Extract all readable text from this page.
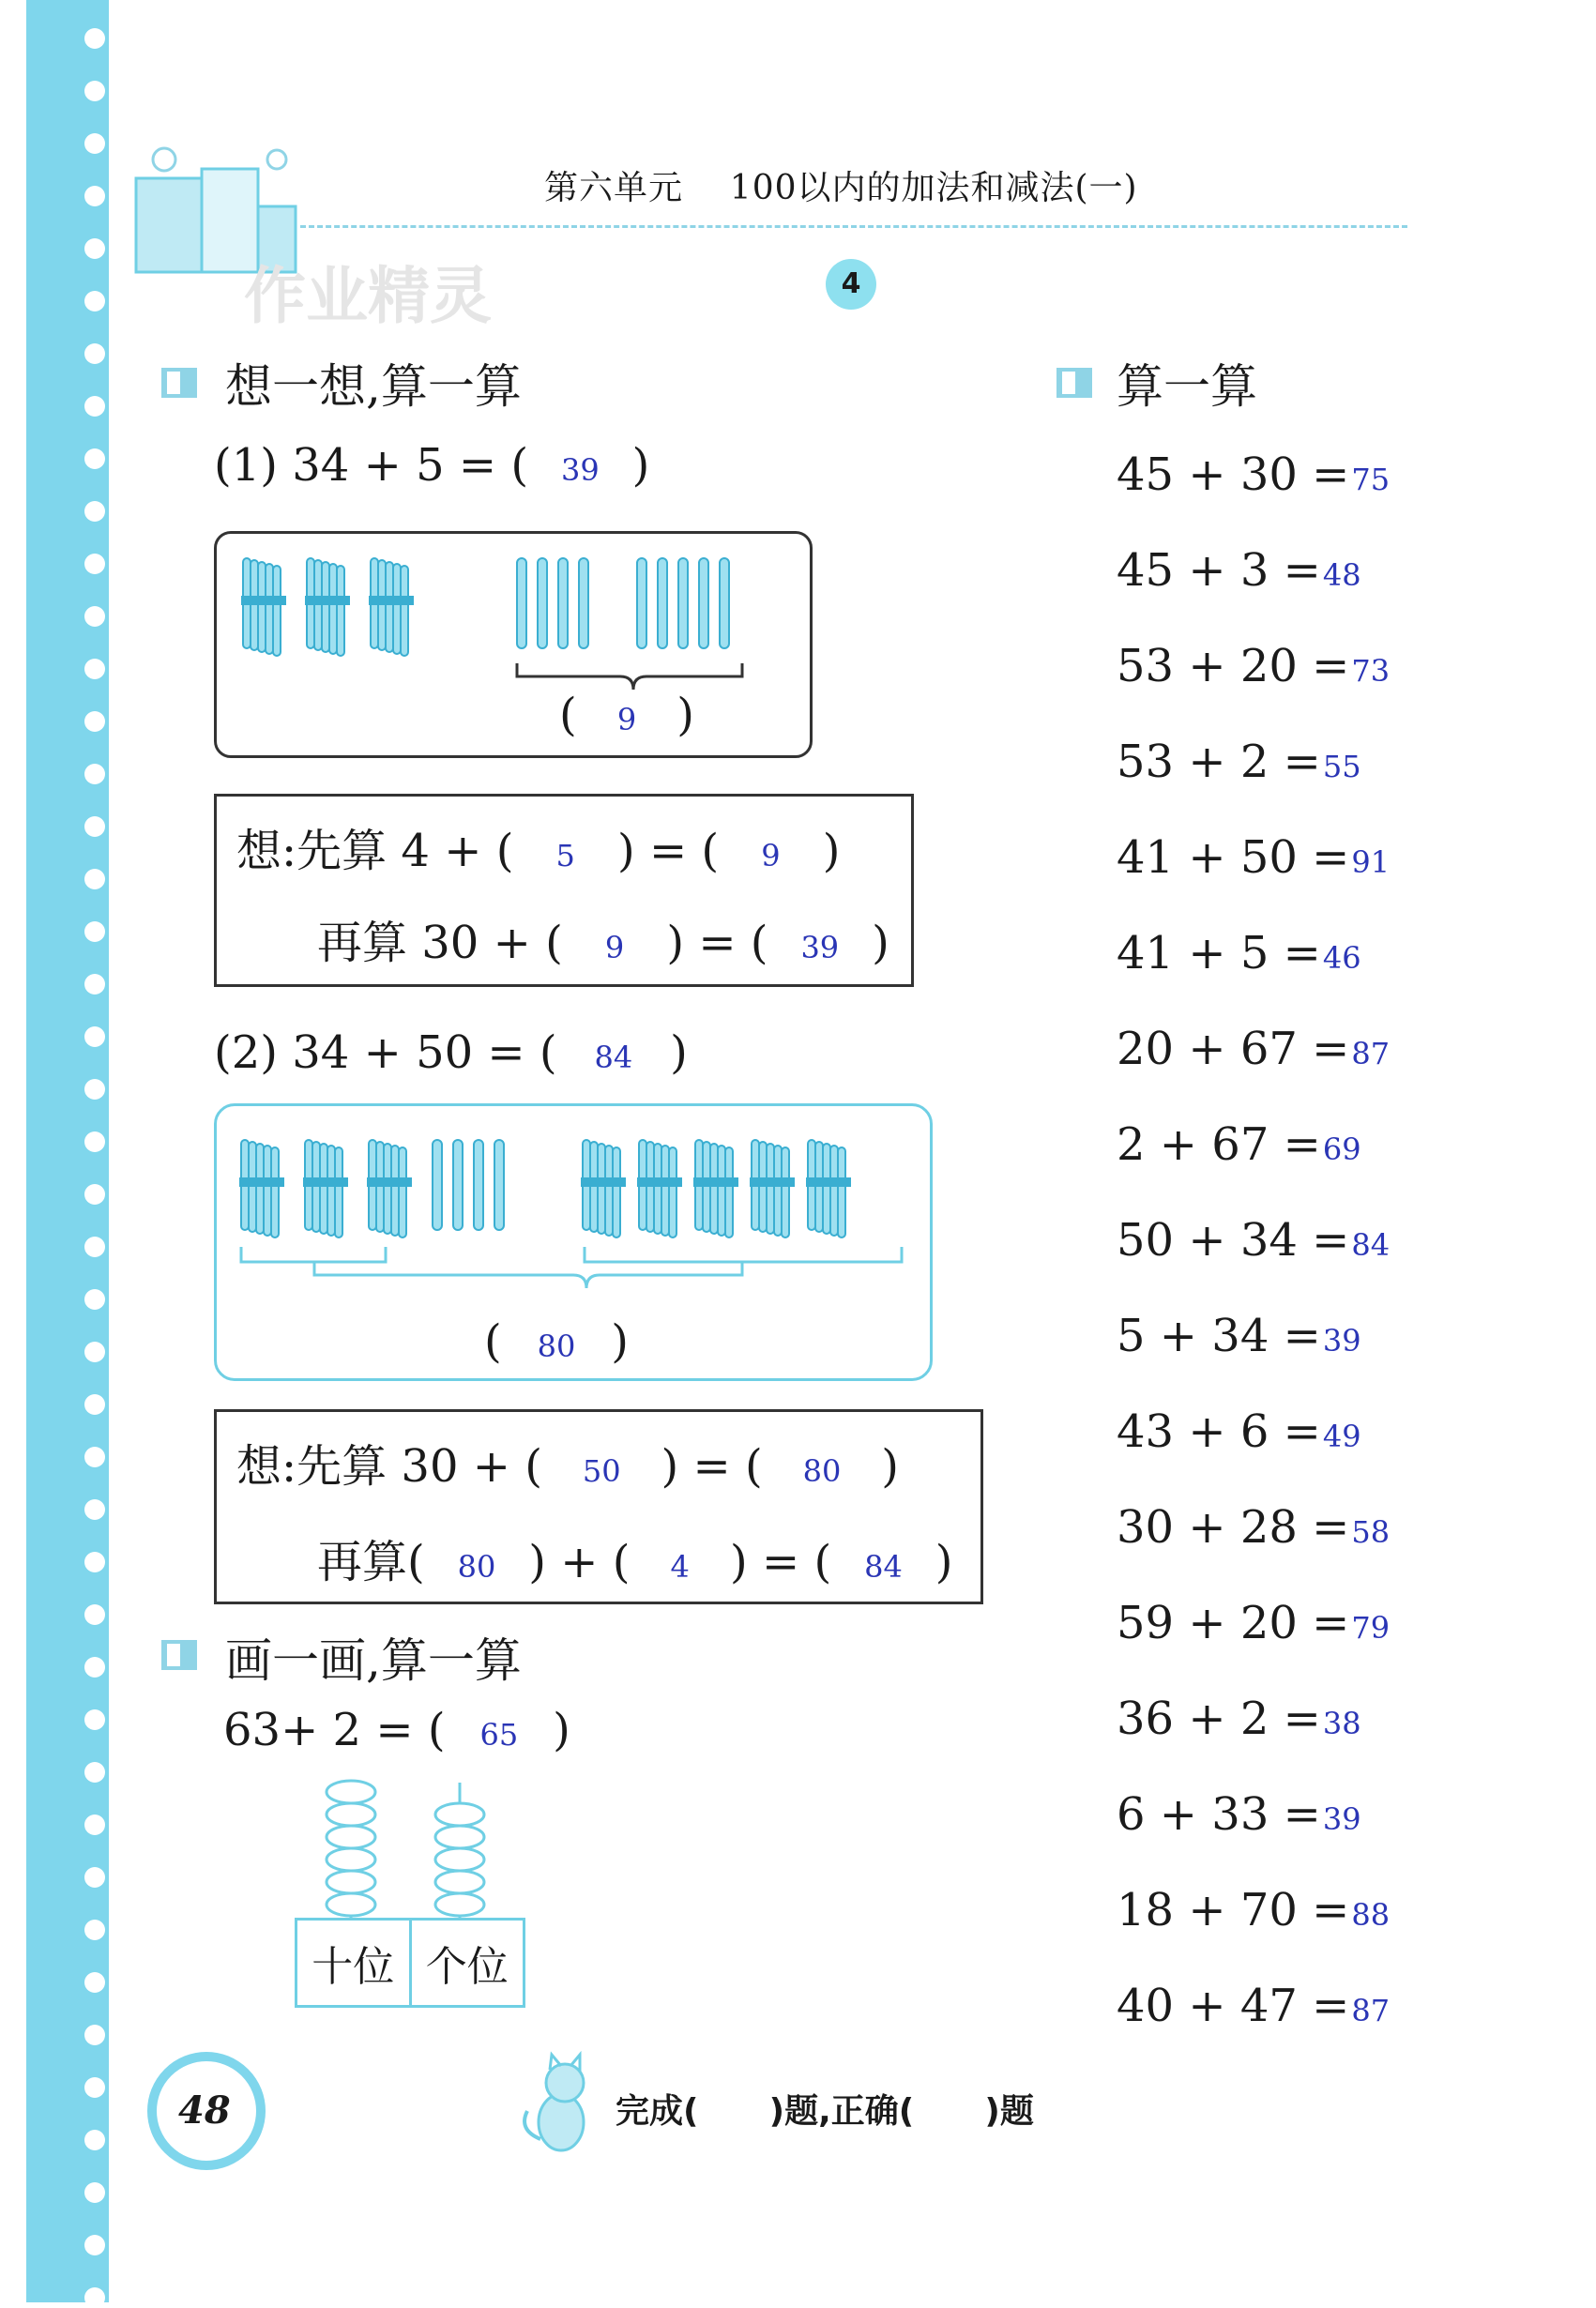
作业精灵
第六单元 100以内的加法和减法(一)
4
想一想,算一算
(1) 34 + 5 = ( 39 )
( 9 )
想:先算 4 + ( 5 ) = ( 9 )
再算 30 + ( 9 ) = ( 39 )
(2) 34 + 50 = ( 84 )
( 80 )
想:先算 30 + ( 50 ) = ( 80 )
再算( 80 ) + ( 4 ) = ( 84 )
画一画,算一算
63+ 2 = ( 65 )
十位 个位
算一算
45 + 30 =75
45 + 3 =48
53 + 20 =73
53 + 2 =55
41 + 50 =91
41 + 5 =46
20 + 67 =87
2 + 67 =69
50 + 34 =84
5 + 34 =39
43 + 6 =49
30 + 28 =58
59 + 20 =79
36 + 2 =38
6 + 33 =39
18 + 70 =88
40 + 47 =87
48	完成(      )题,正确(      )题
